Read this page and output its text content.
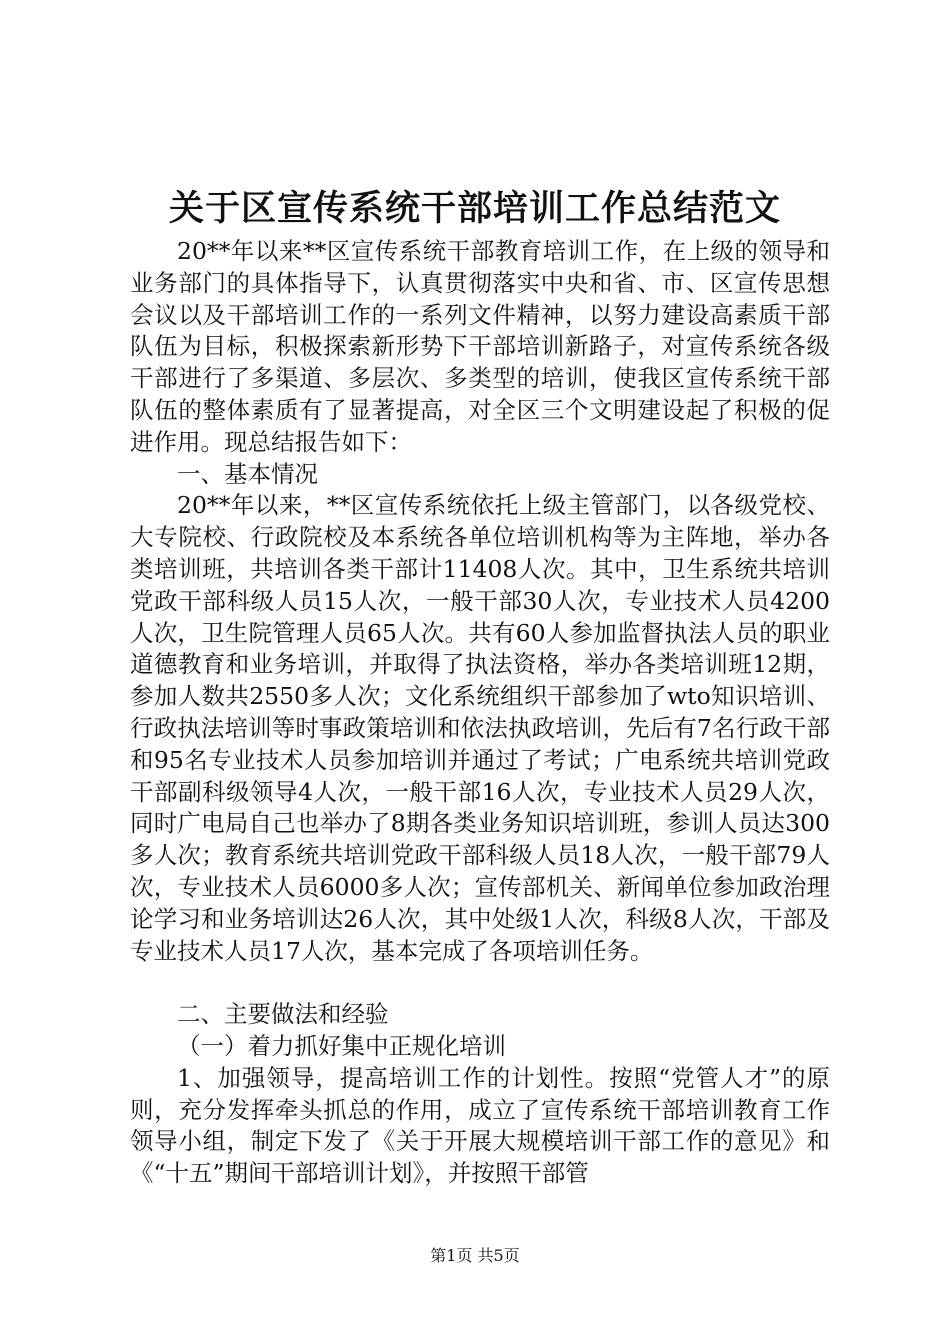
关于区宣传系统干部培训工作总结范文

20**年以来**区宣传系统干部教育培训工作，在上级的领导和业务部门的具体指导下，认真贯彻落实中央和省、市、区宣传思想会议以及干部培训工作的一系列文件精神，以努力建设高素质干部队伍为目标，积极探索新形势下干部培训新路子，对宣传系统各级干部进行了多渠道、多层次、多类型的培训，使我区宣传系统干部队伍的整体素质有了显著提高，对全区三个文明建设起了积极的促进作用。现总结报告如下：

一、基本情况

20**年以来，**区宣传系统依托上级主管部门，以各级党校、大专院校、行政院校及本系统各单位培训机构等为主阵地，举办各类培训班，共培训各类干部计11408人次。其中，卫生系统共培训党政干部科级人员15人次，一般干部30人次，专业技术人员4200人次，卫生院管理人员65人次。共有60人参加监督执法人员的职业道德教育和业务培训，并取得了执法资格，举办各类培训班12期，参加人数共2550多人次；文化系统组织干部参加了wto知识培训、行政执法培训等时事政策培训和依法执政培训，先后有7名行政干部和95名专业技术人员参加培训并通过了考试；广电系统共培训党政干部副科级领导4人次，一般干部16人次，专业技术人员29人次，同时广电局自己也举办了8期各类业务知识培训班，参训人员达300多人次；教育系统共培训党政干部科级人员18人次，一般干部79人次，专业技术人员6000多人次；宣传部机关、新闻单位参加政治理论学习和业务培训达26人次，其中处级1人次，科级8人次，干部及专业技术人员17人次，基本完成了各项培训任务。

二、主要做法和经验

（一）着力抓好集中正规化培训

1、加强领导，提高培训工作的计划性。按照“党管人才”的原则，充分发挥牵头抓总的作用，成立了宣传系统干部培训教育工作领导小组，制定下发了《关于开展大规模培训干部工作的意见》和《“十五”期间干部培训计划》，并按照干部管

第1页 共5页
